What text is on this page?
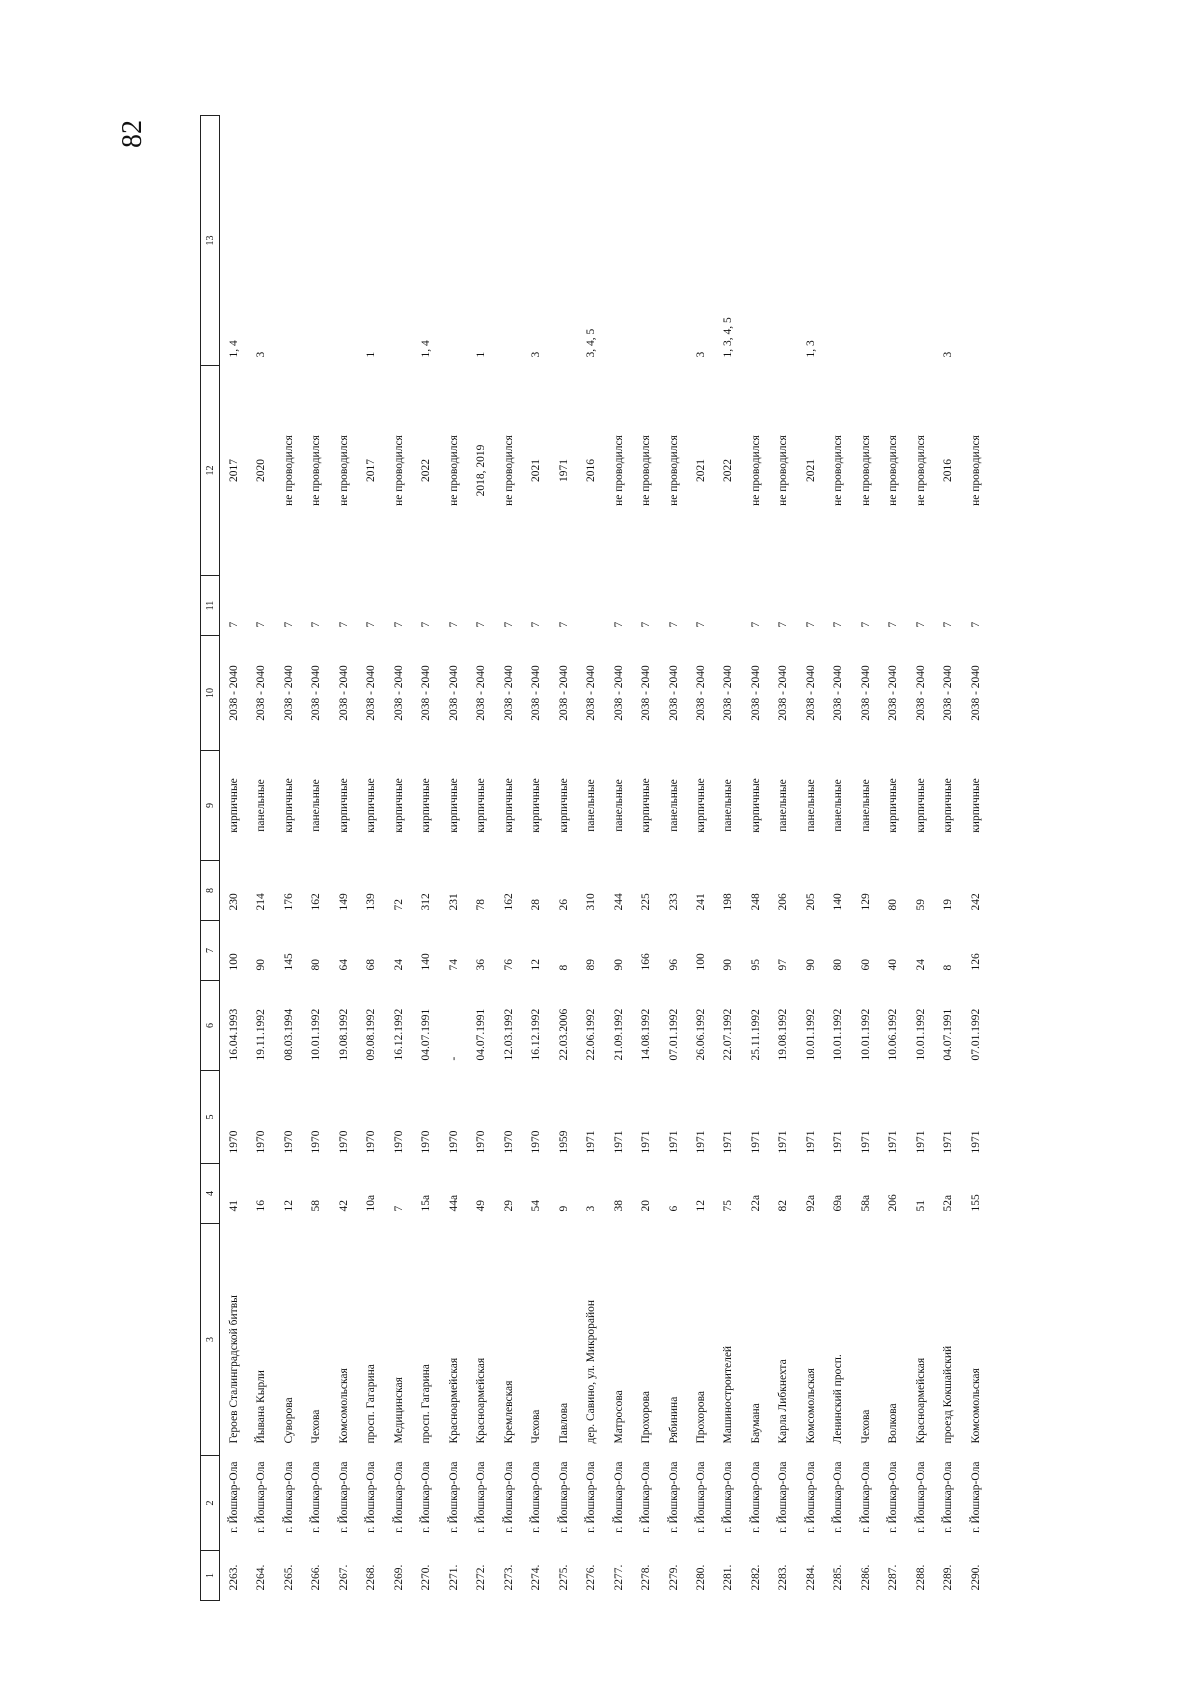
82
1	2	3	4	5	6	7	8	9	10	11	12	13
2263.	г. Йошкар-Ола	Героев Сталинградской битвы	41	1970	16.04.1993	100	230	кирпичные	2038 - 2040	7	2017	1, 4
2264.	г. Йошкар-Ола	Йывана Кырли	16	1970	19.11.1992	90	214	панельные	2038 - 2040	7	2020	3
2265.	г. Йошкар-Ола	Суворова	12	1970	08.03.1994	145	176	кирпичные	2038 - 2040	7	не проводился	
2266.	г. Йошкар-Ола	Чехова	58	1970	10.01.1992	80	162	панельные	2038 - 2040	7	не проводился	
2267.	г. Йошкар-Ола	Комсомольская	42	1970	19.08.1992	64	149	кирпичные	2038 - 2040	7	не проводился	
2268.	г. Йошкар-Ола	просп. Гагарина	10а	1970	09.08.1992	68	139	кирпичные	2038 - 2040	7	2017	1
2269.	г. Йошкар-Ола	Медицинская	7	1970	16.12.1992	24	72	кирпичные	2038 - 2040	7	не проводился	
2270.	г. Йошкар-Ола	просп. Гагарина	15а	1970	04.07.1991	140	312	кирпичные	2038 - 2040	7	2022	1, 4
2271.	г. Йошкар-Ола	Красноармейская	44а	1970	-	74	231	кирпичные	2038 - 2040	7	не проводился	
2272.	г. Йошкар-Ола	Красноармейская	49	1970	04.07.1991	36	78	кирпичные	2038 - 2040	7	2018, 2019	1
2273.	г. Йошкар-Ола	Кремлевская	29	1970	12.03.1992	76	162	кирпичные	2038 - 2040	7	не проводился	
2274.	г. Йошкар-Ола	Чехова	54	1970	16.12.1992	12	28	кирпичные	2038 - 2040	7	2021	3
2275.	г. Йошкар-Ола	Павлова	9	1959	22.03.2006	8	26	кирпичные	2038 - 2040	7	1971	
2276.	г. Йошкар-Ола	дер. Савино, ул. Микрорайон	3	1971	22.06.1992	89	310	панельные	2038 - 2040		2016	3, 4, 5
2277.	г. Йошкар-Ола	Матросова	38	1971	21.09.1992	90	244	панельные	2038 - 2040	7	не проводился	
2278.	г. Йошкар-Ола	Прохорова	20	1971	14.08.1992	166	225	кирпичные	2038 - 2040	7	не проводился	
2279.	г. Йошкар-Ола	Рябинина	6	1971	07.01.1992	96	233	панельные	2038 - 2040	7	не проводился	
2280.	г. Йошкар-Ола	Прохорова	12	1971	26.06.1992	100	241	кирпичные	2038 - 2040	7	2021	3
2281.	г. Йошкар-Ола	Машиностроителей	75	1971	22.07.1992	90	198	панельные	2038 - 2040		2022	1, 3, 4, 5
2282.	г. Йошкар-Ола	Баумана	22а	1971	25.11.1992	95	248	кирпичные	2038 - 2040	7	не проводился	
2283.	г. Йошкар-Ола	Карла Либкнехта	82	1971	19.08.1992	97	206	панельные	2038 - 2040	7	не проводился	
2284.	г. Йошкар-Ола	Комсомольская	92а	1971	10.01.1992	90	205	панельные	2038 - 2040	7	2021	1, 3
2285.	г. Йошкар-Ола	Ленинский просп.	69а	1971	10.01.1992	80	140	панельные	2038 - 2040	7	не проводился	
2286.	г. Йошкар-Ола	Чехова	58а	1971	10.01.1992	60	129	панельные	2038 - 2040	7	не проводился	
2287.	г. Йошкар-Ола	Волкова	206	1971	10.06.1992	40	80	кирпичные	2038 - 2040	7	не проводился	
2288.	г. Йошкар-Ола	Красноармейская	51	1971	10.01.1992	24	59	кирпичные	2038 - 2040	7	не проводился	
2289.	г. Йошкар-Ола	проезд Кокшайский	52а	1971	04.07.1991	8	19	кирпичные	2038 - 2040	7	2016	3
2290.	г. Йошкар-Ола	Комсомольская	155	1971	07.01.1992	126	242	кирпичные	2038 - 2040	7	не проводился	
